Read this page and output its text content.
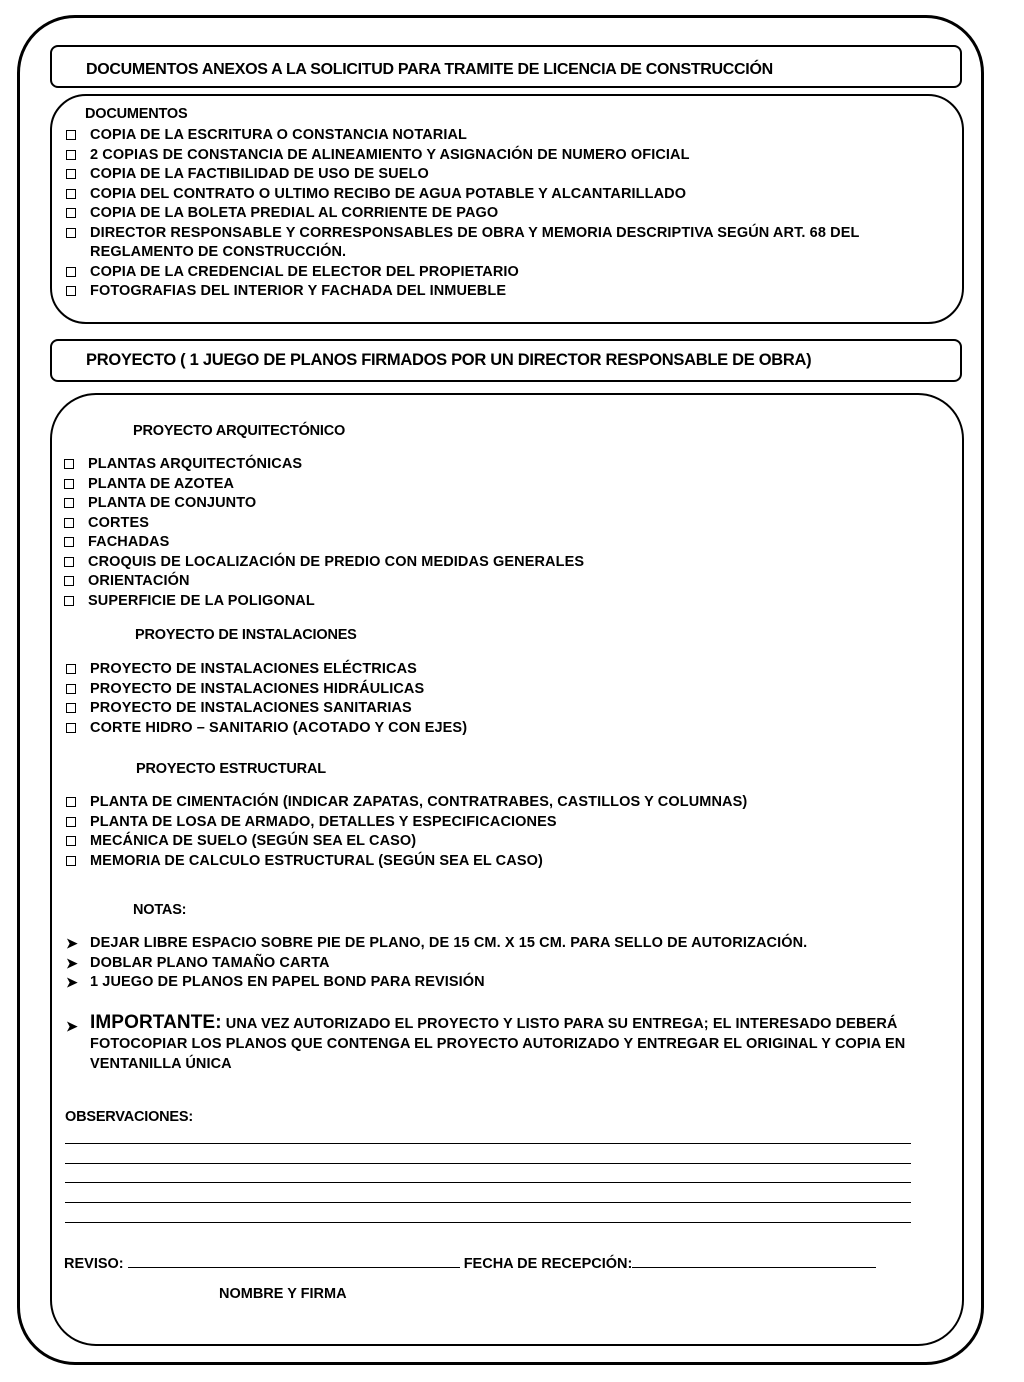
DOCUMENTOS ANEXOS A LA SOLICITUD PARA TRAMITE DE LICENCIA DE CONSTRUCCIÓN
DOCUMENTOS
COPIA DE LA ESCRITURA O CONSTANCIA NOTARIAL
2 COPIAS DE CONSTANCIA DE ALINEAMIENTO Y ASIGNACIÓN DE NUMERO OFICIAL
COPIA DE LA FACTIBILIDAD DE USO DE SUELO
COPIA DEL CONTRATO O ULTIMO RECIBO DE AGUA POTABLE Y ALCANTARILLADO
COPIA DE LA BOLETA PREDIAL AL CORRIENTE DE PAGO
DIRECTOR RESPONSABLE Y CORRESPONSABLES DE OBRA Y MEMORIA DESCRIPTIVA SEGÚN ART. 68 DEL REGLAMENTO DE CONSTRUCCIÓN.
COPIA DE LA CREDENCIAL DE ELECTOR DEL PROPIETARIO
FOTOGRAFIAS DEL INTERIOR Y FACHADA DEL INMUEBLE
PROYECTO ( 1 JUEGO DE PLANOS FIRMADOS POR UN DIRECTOR RESPONSABLE DE OBRA)
PROYECTO ARQUITECTÓNICO
PLANTAS ARQUITECTÓNICAS
PLANTA DE AZOTEA
PLANTA DE CONJUNTO
CORTES
FACHADAS
CROQUIS DE LOCALIZACIÓN DE PREDIO CON MEDIDAS GENERALES
ORIENTACIÓN
SUPERFICIE DE LA POLIGONAL
PROYECTO DE INSTALACIONES
PROYECTO DE INSTALACIONES ELÉCTRICAS
PROYECTO DE INSTALACIONES HIDRÁULICAS
PROYECTO DE INSTALACIONES SANITARIAS
CORTE HIDRO – SANITARIO (ACOTADO Y CON EJES)
PROYECTO ESTRUCTURAL
PLANTA DE CIMENTACIÓN (INDICAR ZAPATAS, CONTRATRABES, CASTILLOS Y COLUMNAS)
PLANTA DE LOSA DE ARMADO, DETALLES Y ESPECIFICACIONES
MECÁNICA DE SUELO (SEGÚN SEA EL CASO)
MEMORIA DE CALCULO ESTRUCTURAL (SEGÚN SEA EL CASO)
NOTAS:
➤ DEJAR LIBRE ESPACIO SOBRE PIE DE PLANO, DE 15 CM. X 15 CM. PARA SELLO DE AUTORIZACIÓN.
➤ DOBLAR PLANO TAMAÑO CARTA
➤ 1 JUEGO DE PLANOS EN PAPEL BOND PARA REVISIÓN
➤ IMPORTANTE: UNA VEZ AUTORIZADO EL PROYECTO Y LISTO PARA SU ENTREGA; EL INTERESADO DEBERÁ FOTOCOPIAR LOS PLANOS QUE CONTENGA EL PROYECTO AUTORIZADO Y ENTREGAR EL ORIGINAL Y COPIA EN VENTANILLA ÚNICA
OBSERVACIONES:
REVISO:	FECHA DE RECEPCIÓN:
NOMBRE Y FIRMA
